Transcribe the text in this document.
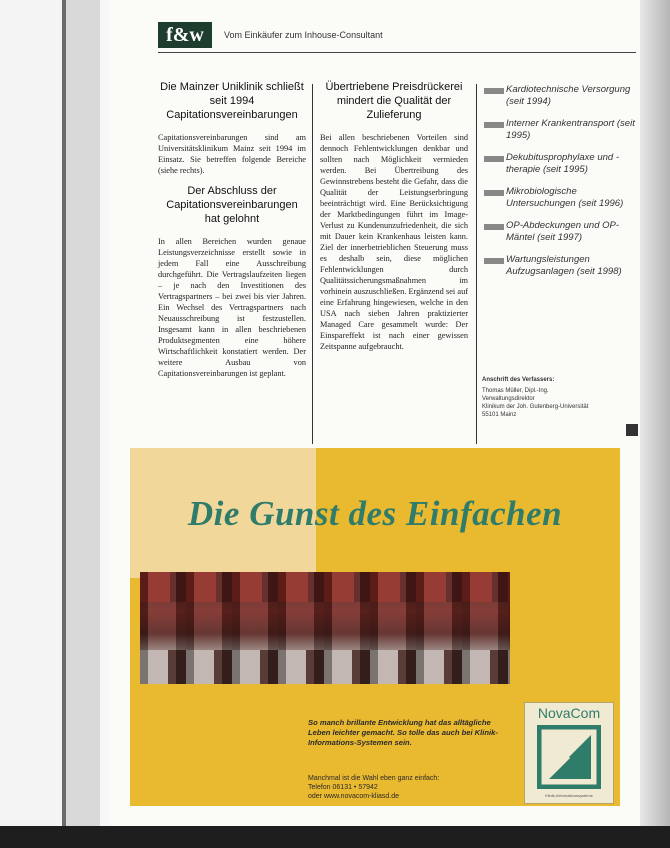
f&w	Vom Einkäufer zum Inhouse-Consultant
Die Mainzer Uniklinik schließt seit 1994 Capitationsvereinbarungen

Capitationsvereinbarungen sind am Universitätsklinikum Mainz seit 1994 im Einsatz. Sie betreffen folgende Bereiche (siehe rechts).

Der Abschluss der Capitationsvereinbarungen hat gelohnt

In allen Bereichen wurden genaue Leistungsverzeichnisse erstellt sowie in jedem Fall eine Ausschreibung durchgeführt. Die Vertragslaufzeiten liegen – je nach den Investitionen des Vertragspartners – bei zwei bis vier Jahren. Ein Wechsel des Vertragspartners nach Neuausschreibung ist festzustellen. Insgesamt kann in allen beschriebenen Produktsegmenten eine höhere Wirtschaftlichkeit konstatiert werden. Der weitere Ausbau von Capitationsvereinbarungen ist geplant.

Übertriebene Preisdrückerei mindert die Qualität der Zulieferung

Bei allen beschriebenen Vorteilen sind dennoch Fehlentwicklungen denkbar und sollten nach Möglichkeit vermieden werden. Bei Übertreibung des Gewinnstrebens besteht die Gefahr, dass die Qualität der Leistungserbringung beeinträchtigt wird. Eine Berücksichtigung der Marktbedingungen führt im Image-Verlust zu Kundenunzufriedenheit, die sich mit Dauer kein Krankenhaus leisten kann. Ziel der innerbetrieblichen Steuerung muss es deshalb sein, diese möglichen Fehlentwicklungen durch Qualitätssicherungsmaßnahmen im vorhinein auszuschließen. Ergänzend sei auf eine Erfahrung hingewiesen, welche in den USA nach sieben Jahren praktizierter Managed Care gesammelt wurde: Der Einspareffekt ist nach einer gewissen Zeitspanne aufgebraucht.

Kardiotechnische Versorgung (seit 1994)
Interner Krankentransport (seit 1995)
Dekubitusprophylaxe und -therapie (seit 1995)
Mikrobiologische Untersuchungen (seit 1996)
OP-Abdeckungen und OP-Mäntel (seit 1997)
Wartungsleistungen Aufzugsanlagen (seit 1998)
Anschrift des Verfassers:
Thomas Müller, Dipl.-Ing.
Verwaltungsdirektor
Klinikum der Joh. Gutenberg-Universität
55101 Mainz
Die Gunst des Einfachen
So manch brillante Entwicklung hat das alltägliche Leben leichter gemacht. So tolle das auch bei Klinik-Informations-Systemen sein.
Manchmal ist die Wahl eben ganz einfach:
Telefon 06131 • 57942
oder www.novacom-kliasd.de
NovaCom
Klinik-Informationssysteme
